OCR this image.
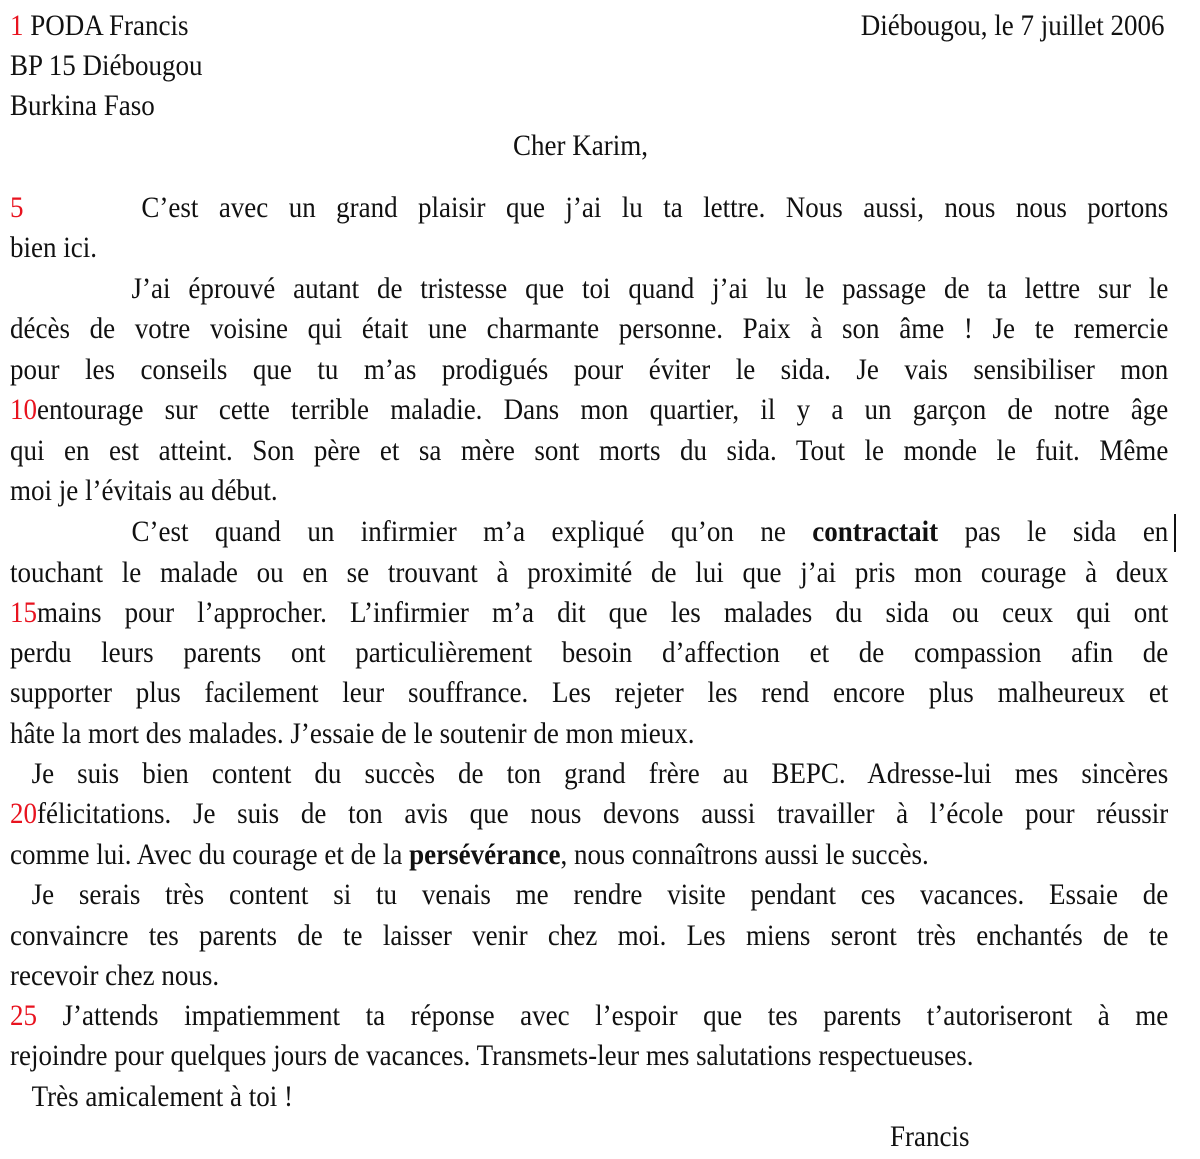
1 PODA Francis	Diébougou, le 7 juillet 2006
BP 15 Diébougou
Burkina Faso
Cher Karim,
5	C’est avec un grand plaisir que j’ai lu ta lettre. Nous aussi, nous nous portons
bien ici.
J’ai éprouvé autant de tristesse que toi quand j’ai lu le passage de ta lettre sur le
décès de votre voisine qui était une charmante personne. Paix à son âme ! Je te remercie
pour les conseils que tu m’as prodigués pour éviter le sida. Je vais sensibiliser mon
10entourage sur cette terrible maladie. Dans mon quartier, il y a un garçon de notre âge
qui en est atteint. Son père et sa mère sont morts du sida. Tout le monde le fuit. Même
moi je l’évitais au début.
C’est quand un infirmier m’a expliqué qu’on ne contractait pas le sida en
touchant le malade ou en se trouvant à proximité de lui que j’ai pris mon courage à deux
15mains pour l’approcher. L’infirmier m’a dit que les malades du sida ou ceux qui ont
perdu leurs parents ont particulièrement besoin d’affection et de compassion afin de
supporter plus facilement leur souffrance. Les rejeter les rend encore plus malheureux et
hâte la mort des malades. J’essaie de le soutenir de mon mieux.
Je suis bien content du succès de ton grand frère au BEPC. Adresse-lui mes sincères
20félicitations. Je suis de ton avis que nous devons aussi travailler à l’école pour réussir
comme lui. Avec du courage et de la persévérance, nous connaîtrons aussi le succès.
Je serais très content si tu venais me rendre visite pendant ces vacances. Essaie de
convaincre tes parents de te laisser venir chez moi. Les miens seront très enchantés de te
recevoir chez nous.
25 J’attends impatiemment ta réponse avec l’espoir que tes parents t’autoriseront à me
rejoindre pour quelques jours de vacances. Transmets-leur mes salutations respectueuses.
Très amicalement à toi !
Francis
